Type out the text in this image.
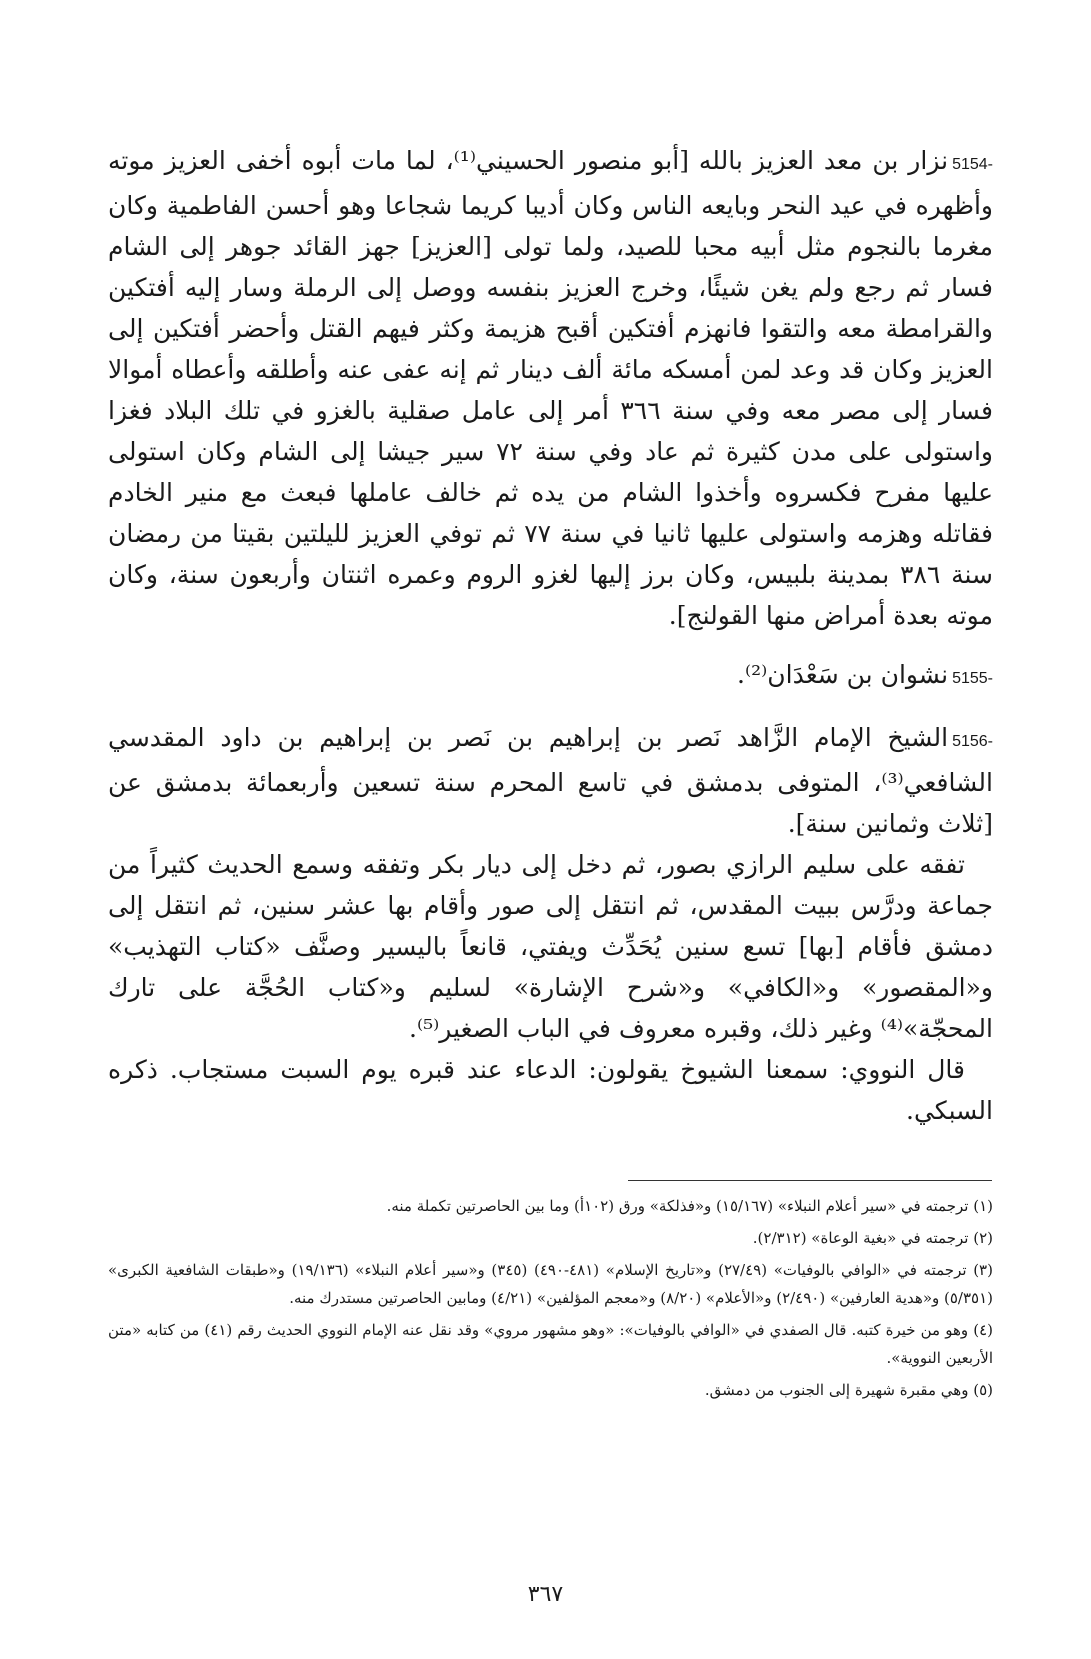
5154-نزار بن معد العزيز بالله [أبو منصور الحسيني⁽¹⁾، لما مات أبوه أخفى العزيز موته وأظهره في عيد النحر وبايعه الناس وكان أديبا كريما شجاعا وهو أحسن الفاطمية وكان مغرما بالنجوم مثل أبيه محبا للصيد، ولما تولى [العزيز] جهز القائد جوهر إلى الشام فسار ثم رجع ولم يغن شيئًا، وخرج العزيز بنفسه ووصل إلى الرملة وسار إليه أفتكين والقرامطة معه والتقوا فانهزم أفتكين أقبح هزيمة وكثر فيهم القتل وأحضر أفتكين إلى العزيز وكان قد وعد لمن أمسكه مائة ألف دينار ثم إنه عفى عنه وأطلقه وأعطاه أموالا فسار إلى مصر معه وفي سنة ٣٦٦ أمر إلى عامل صقلية بالغزو في تلك البلاد فغزا واستولى على مدن كثيرة ثم عاد وفي سنة ٧٢ سير جيشا إلى الشام وكان استولى عليها مفرح فكسروه وأخذوا الشام من يده ثم خالف عاملها فبعث مع منير الخادم فقاتله وهزمه واستولى عليها ثانيا في سنة ٧٧ ثم توفي العزيز لليلتين بقيتا من رمضان سنة ٣٨٦ بمدينة بلبيس، وكان برز إليها لغزو الروم وعمره اثنتان وأربعون سنة، وكان موته بعدة أمراض منها القولنج].

5155-نشوان بن سَعْدَان⁽²⁾.

5156-الشيخ الإمام الزَّاهد نَصر بن إبراهيم بن نَصر بن إبراهيم بن داود المقدسي الشافعي⁽³⁾، المتوفى بدمشق في تاسع المحرم سنة تسعين وأربعمائة بدمشق عن [ثلاث وثمانين سنة].

تفقه على سليم الرازي بصور، ثم دخل إلى ديار بكر وتفقه وسمع الحديث كثيراً من جماعة ودرَّس ببيت المقدس، ثم انتقل إلى صور وأقام بها عشر سنين، ثم انتقل إلى دمشق فأقام [بها] تسع سنين يُحَدِّث ويفتي، قانعاً باليسير وصنَّف «كتاب التهذيب» و«المقصور» و«الكافي» و«شرح الإشارة» لسليم و«كتاب الحُجَّة على تارك المحجّة»⁽⁴⁾ وغير ذلك، وقبره معروف في الباب الصغير⁽⁵⁾.

قال النووي: سمعنا الشيوخ يقولون: الدعاء عند قبره يوم السبت مستجاب. ذكره السبكي.

(١) ترجمته في «سير أعلام النبلاء» (١٥/١٦٧) و«فذلكة» ورق (١٠٢أ) وما بين الحاصرتين تكملة منه.

(٢) ترجمته في «بغية الوعاة» (٢/٣١٢).

(٣) ترجمته في «الوافي بالوفيات» (٢٧/٤٩) و«تاريخ الإسلام» (٤٨١-٤٩٠) (٣٤٥) و«سير أعلام النبلاء» (١٩/١٣٦) و«طبقات الشافعية الكبرى» (٥/٣٥١) و«هدية العارفين» (٢/٤٩٠) و«الأعلام» (٨/٢٠) و«معجم المؤلفين» (٤/٢١) ومابين الحاصرتين مستدرك منه.

(٤) وهو من خيرة كتبه. قال الصفدي في «الوافي بالوفيات»: «وهو مشهور مروي» وقد نقل عنه الإمام النووي الحديث رقم (٤١) من كتابه «متن الأربعين النووية».

(٥) وهي مقبرة شهيرة إلى الجنوب من دمشق.

٣٦٧
